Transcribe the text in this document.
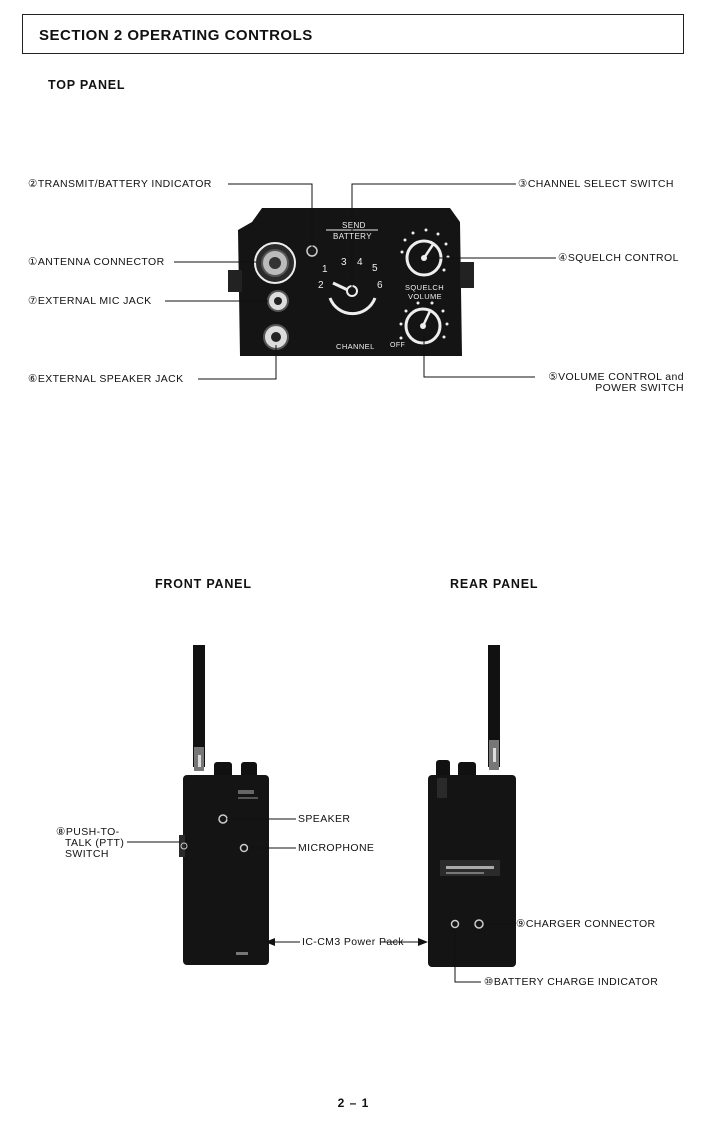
SECTION 2 OPERATING CONTROLS
TOP PANEL
SEND
BATTERY
1
2
3 4
5
6
CHANNEL
SQUELCH
VOLUME
OFF
②TRANSMIT/BATTERY INDICATOR	③CHANNEL SELECT SWITCH
①ANTENNA CONNECTOR	④SQUELCH CONTROL
⑦EXTERNAL MIC JACK
⑥EXTERNAL SPEAKER JACK	⑤VOLUME CONTROL and
POWER SWITCH
FRONT PANEL	REAR PANEL
⑧PUSH-TO-
TALK (PTT)
SWITCH
SPEAKER
MICROPHONE
IC-CM3 Power Pack
⑨CHARGER CONNECTOR
⑩BATTERY CHARGE INDICATOR
2 – 1
